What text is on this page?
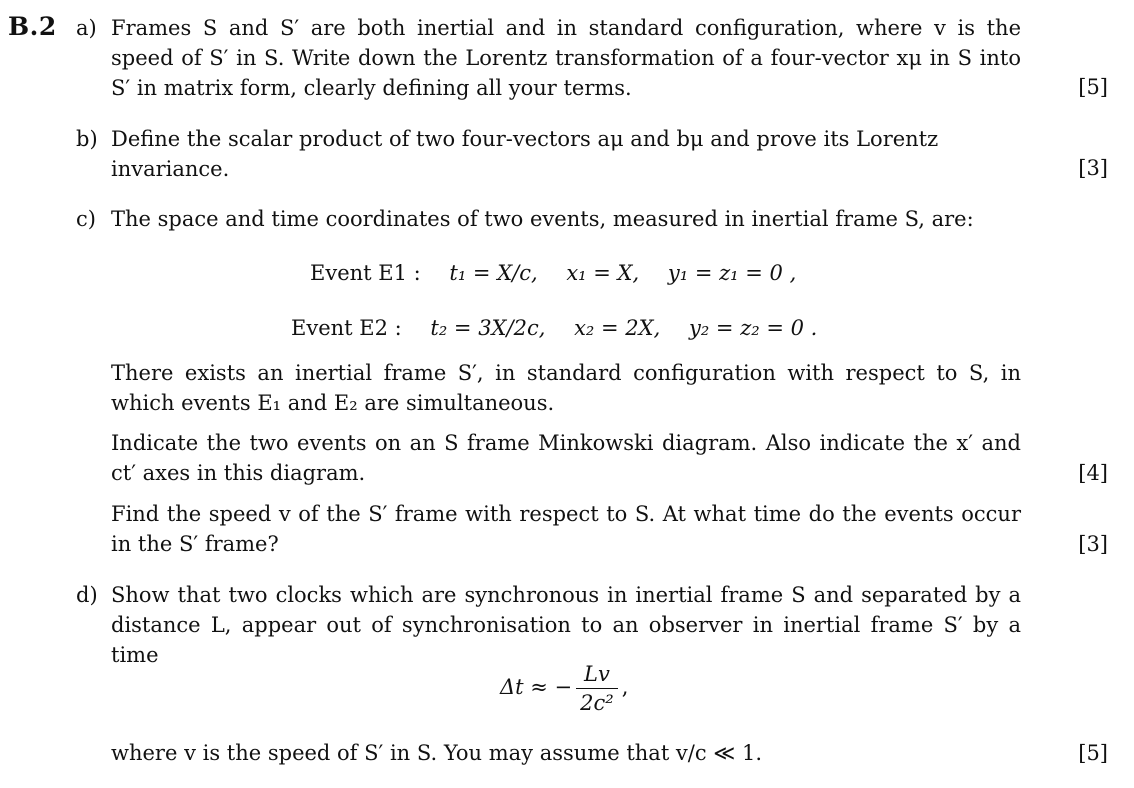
B.2 a) Frames S and S′ are both inertial and in standard configuration, where v is the speed of S′ in S. Write down the Lorentz transformation of a four-vector xμ in S into S′ in matrix form, clearly defining all your terms.	[5]
b) Define the scalar product of two four-vectors aμ and bμ and prove its Lorentz invariance.	[3]
c) The space and time coordinates of two events, measured in inertial frame S, are:
Event E1 : t₁ = X/c, x₁ = X, y₁ = z₁ = 0 ,
Event E2 : t₂ = 3X/2c, x₂ = 2X, y₂ = z₂ = 0 .
There exists an inertial frame S′, in standard configuration with respect to S, in which events E₁ and E₂ are simultaneous.
Indicate the two events on an S frame Minkowski diagram. Also indicate the x′ and ct′ axes in this diagram.	[4]
Find the speed v of the S′ frame with respect to S. At what time do the events occur in the S′ frame?	[3]
d) Show that two clocks which are synchronous in inertial frame S and separated by a distance L, appear out of synchronisation to an observer in inertial frame S′ by a time
Δt ≈ − $\frac{Lv}{\text{2c²}}$ ,
where v is the speed of S′ in S. You may assume that v/c ≪ 1.	[5]
